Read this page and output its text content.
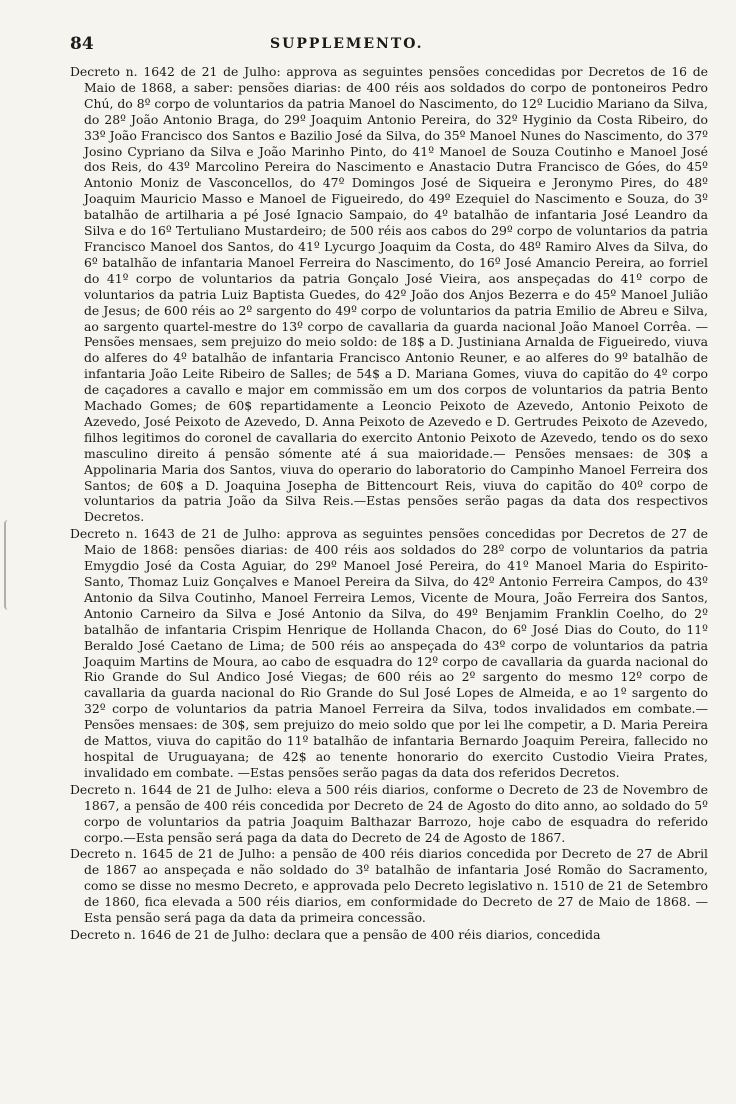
84	SUPPLEMENTO.

Decreto n. 1642 de 21 de Julho: approva as seguintes pensões concedidas por Decretos de 16 de Maio de 1868, a saber: pensões diarias: de 400 réis aos soldados do corpo de pontoneiros Pedro Chú, do 8º corpo de voluntarios da patria Manoel do Nascimento, do 12º Lucidio Mariano da Silva, do 28º João Antonio Braga, do 29º Joaquim Antonio Pereira, do 32º Hyginio da Costa Ribeiro, do 33º João Francisco dos Santos e Bazilio José da Silva, do 35º Manoel Nunes do Nascimento, do 37º Josino Cypriano da Silva e João Marinho Pinto, do 41º Manoel de Souza Coutinho e Manoel José dos Reis, do 43º Marcolino Pereira do Nascimento e Anastacio Dutra Francisco de Góes, do 45º Antonio Moniz de Vasconcellos, do 47º Domingos José de Siqueira e Jeronymo Pires, do 48º Joaquim Mauricio Masso e Manoel de Figueiredo, do 49º Ezequiel do Nascimento e Souza, do 3º batalhão de artilharia a pé José Ignacio Sampaio, do 4º batalhão de infantaria José Leandro da Silva e do 16º Tertuliano Mustardeiro; de 500 réis aos cabos do 29º corpo de voluntarios da patria Francisco Manoel dos Santos, do 41º Lycurgo Joaquim da Costa, do 48º Ramiro Alves da Silva, do 6º batalhão de infantaria Manoel Ferreira do Nascimento, do 16º José Amancio Pereira, ao forriel do 41º corpo de voluntarios da patria Gonçalo José Vieira, aos anspeçadas do 41º corpo de voluntarios da patria Luiz Baptista Guedes, do 42º João dos Anjos Bezerra e do 45º Manoel Julião de Jesus; de 600 réis ao 2º sargento do 49º corpo de voluntarios da patria Emilio de Abreu e Silva, ao sargento quartel-mestre do 13º corpo de cavallaria da guarda nacional João Manoel Corrêa. —Pensões mensaes, sem prejuizo do meio soldo: de 18$ a D. Justiniana Arnalda de Figueiredo, viuva do alferes do 4º batalhão de infantaria Francisco Antonio Reuner, e ao alferes do 9º batalhão de infantaria João Leite Ribeiro de Salles; de 54$ a D. Mariana Gomes, viuva do capitão do 4º corpo de caçadores a cavallo e major em commissão em um dos corpos de voluntarios da patria Bento Machado Gomes; de 60$ repartidamente a Leoncio Peixoto de Azevedo, Antonio Peixoto de Azevedo, José Peixoto de Azevedo, D. Anna Peixoto de Azevedo e D. Gertrudes Peixoto de Azevedo, filhos legitimos do coronel de cavallaria do exercito Antonio Peixoto de Azevedo, tendo os do sexo masculino direito á pensão sómente até á sua maioridade.— Pensões mensaes: de 30$ a Appolinaria Maria dos Santos, viuva do operario do laboratorio do Campinho Manoel Ferreira dos Santos; de 60$ a D. Joaquina Josepha de Bittencourt Reis, viuva do capitão do 40º corpo de voluntarios da patria João da Silva Reis.—Estas pensões serão pagas da data dos respectivos Decretos.

Decreto n. 1643 de 21 de Julho: approva as seguintes pensões concedidas por Decretos de 27 de Maio de 1868: pensões diarias: de 400 réis aos soldados do 28º corpo de voluntarios da patria Emygdio José da Costa Aguiar, do 29º Manoel José Pereira, do 41º Manoel Maria do Espirito-Santo, Thomaz Luiz Gonçalves e Manoel Pereira da Silva, do 42º Antonio Ferreira Campos, do 43º Antonio da Silva Coutinho, Manoel Ferreira Lemos, Vicente de Moura, João Ferreira dos Santos, Antonio Carneiro da Silva e José Antonio da Silva, do 49º Benjamim Franklin Coelho, do 2º batalhão de infantaria Crispim Henrique de Hollanda Chacon, do 6º José Dias do Couto, do 11º Beraldo José Caetano de Lima; de 500 réis ao anspeçada do 43º corpo de voluntarios da patria Joaquim Martins de Moura, ao cabo de esquadra do 12º corpo de cavallaria da guarda nacional do Rio Grande do Sul Andico José Viegas; de 600 réis ao 2º sargento do mesmo 12º corpo de cavallaria da guarda nacional do Rio Grande do Sul José Lopes de Almeida, e ao 1º sargento do 32º corpo de voluntarios da patria Manoel Ferreira da Silva, todos invalidados em combate.—Pensões mensaes: de 30$, sem prejuizo do meio soldo que por lei lhe competir, a D. Maria Pereira de Mattos, viuva do capitão do 11º batalhão de infantaria Bernardo Joaquim Pereira, fallecido no hospital de Uruguayana; de 42$ ao tenente honorario do exercito Custodio Vieira Prates, invalidado em combate. —Estas pensões serão pagas da data dos referidos Decretos.

Decreto n. 1644 de 21 de Julho: eleva a 500 réis diarios, conforme o Decreto de 23 de Novembro de 1867, a pensão de 400 réis concedida por Decreto de 24 de Agosto do dito anno, ao soldado do 5º corpo de voluntarios da patria Joaquim Balthazar Barrozo, hoje cabo de esquadra do referido corpo.—Esta pensão será paga da data do Decreto de 24 de Agosto de 1867.

Decreto n. 1645 de 21 de Julho: a pensão de 400 réis diarios concedida por Decreto de 27 de Abril de 1867 ao anspeçada e não soldado do 3º batalhão de infantaria José Romão do Sacramento, como se disse no mesmo Decreto, e approvada pelo Decreto legislativo n. 1510 de 21 de Setembro de 1860, fica elevada a 500 réis diarios, em conformidade do Decreto de 27 de Maio de 1868. —Esta pensão será paga da data da primeira concessão.

Decreto n. 1646 de 21 de Julho: declara que a pensão de 400 réis diarios, concedida
